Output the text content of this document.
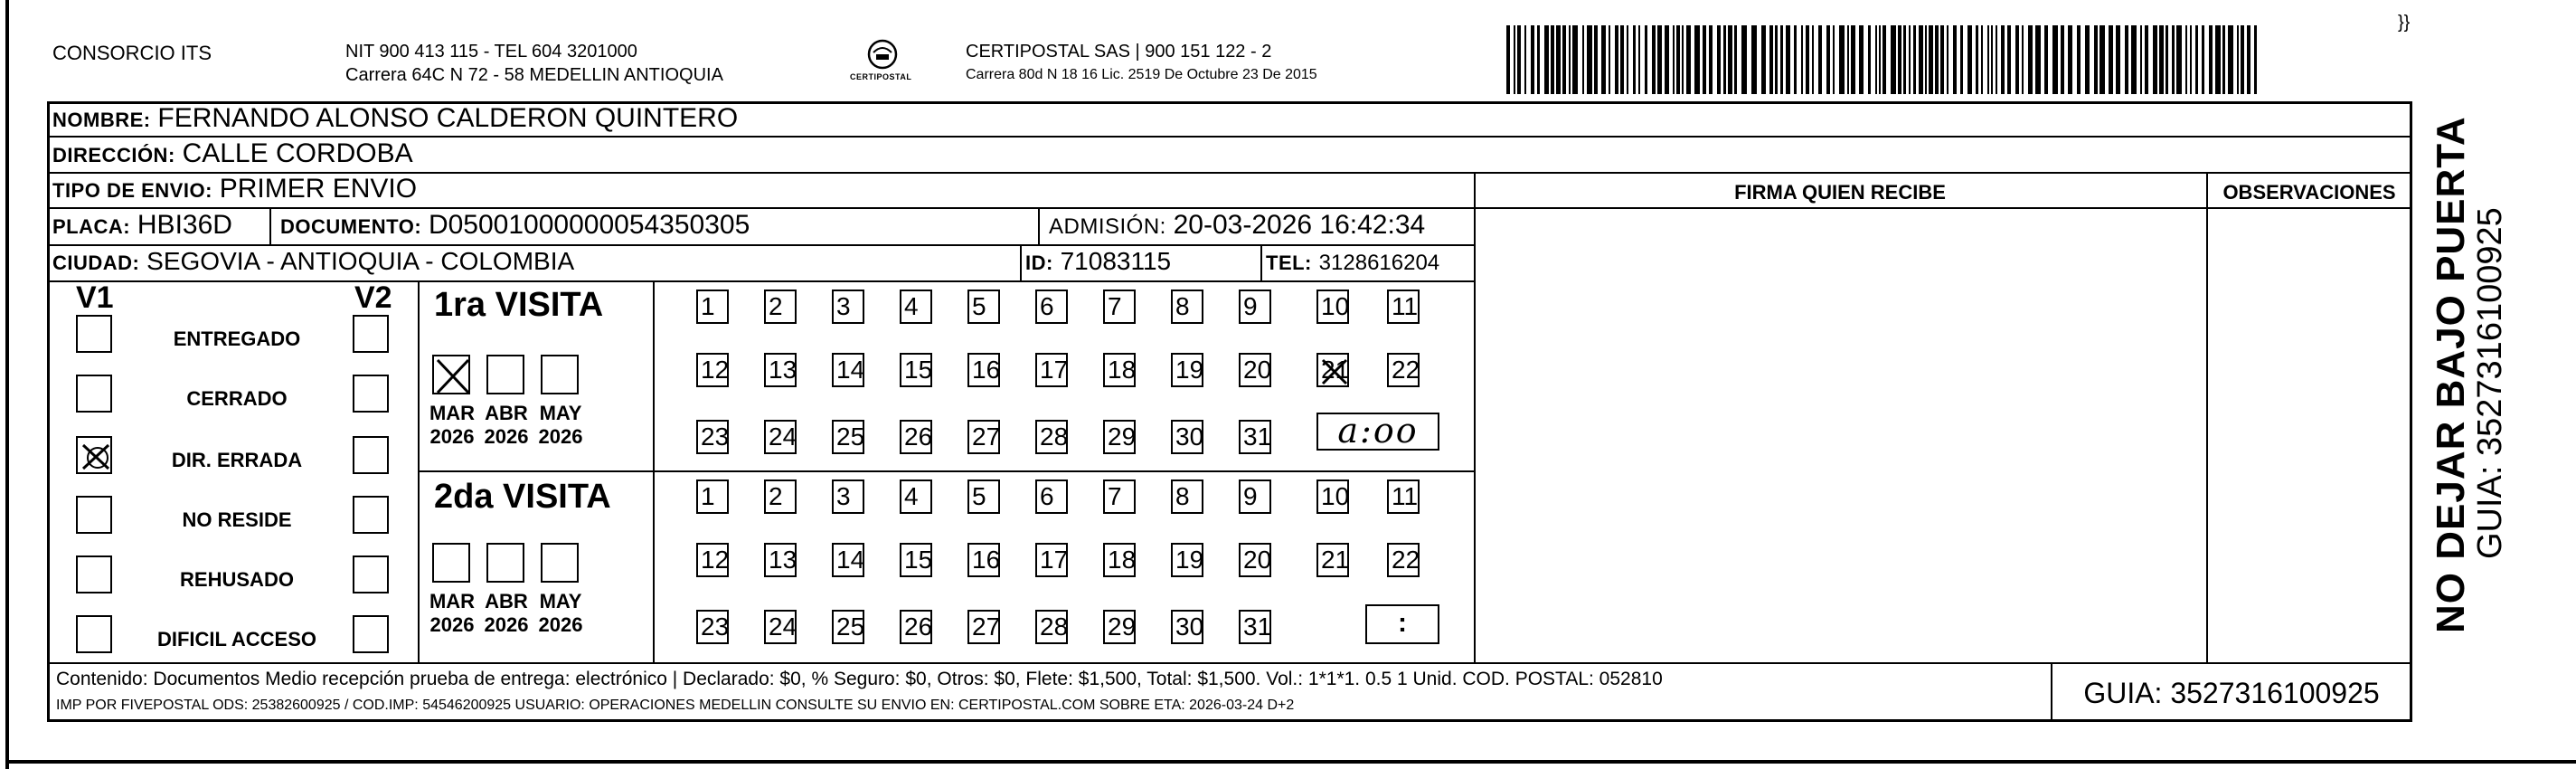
CONSORCIO ITS	NIT 900 413 115 - TEL 604 3201000
Carrera 64C N 72 - 58 MEDELLIN ANTIOQUIA	CERTIPOSTAL
CERTIPOSTAL SAS | 900 151 122 - 2
Carrera 80d N 18 16 Lic. 2519 De Octubre 23 De 2015
}}
NOMBRE: FERNANDO ALONSO CALDERON QUINTERO
DIRECCIÓN: CALLE CORDOBA
TIPO DE ENVIO: PRIMER ENVIO
PLACA: HBI36D DOCUMENTO: D05001000000054350305	ADMISIÓN: 20-03-2026 16:42:34
CIUDAD: SEGOVIA - ANTIOQUIA - COLOMBIA	ID: 71083115	TEL: 3128616204
FIRMA QUIEN RECIBE	OBSERVACIONES
V1	V2
ENTREGADO
CERRADO
DIR. ERRADA
NO RESIDE
REHUSADO
DIFICIL ACCESO
1ra VISITA
2da VISITA
MAR
2026
ABR
2026
MAY
2026
MAR
2026
ABR
2026
MAY
2026
1	2	3	4	5	6	7	8	9	10 11
12 13 14 15 16 17 18 19 20 21 22
23 24 25 26 27 28 29 30 31
1	2	3	4	5	6	7	8	9	10 11
12 13 14 15 16 17 18 19 20 21 22
23 24 25 26 27 28 29 30 31
a:oo
:
Contenido: Documentos Medio recepción prueba de entrega: electrónico | Declarado: $0, % Seguro: $0, Otros: $0, Flete: $1,500, Total: $1,500. Vol.: 1*1*1. 0.5 1 Unid. COD. POSTAL: 052810
IMP POR FIVEPOSTAL ODS: 25382600925 / COD.IMP: 54546200925 USUARIO: OPERACIONES MEDELLIN CONSULTE SU ENVIO EN: CERTIPOSTAL.COM SOBRE ETA: 2026-03-24 D+2	GUIA: 3527316100925
NO DEJAR BAJO PUERTA
GUIA: 3527316100925
